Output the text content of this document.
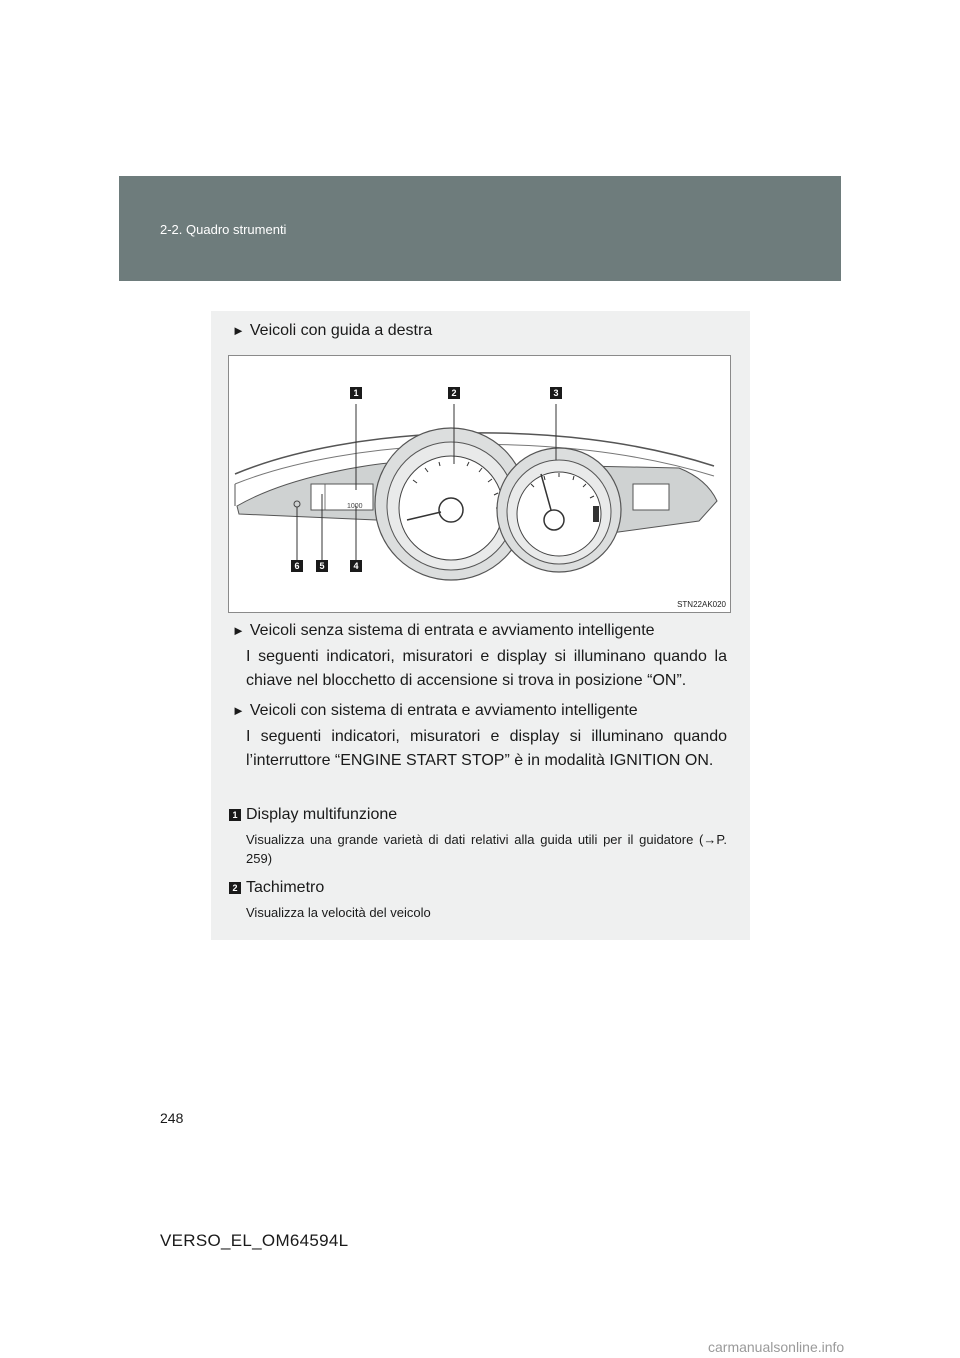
2-2. Quadro strumenti
► Veicoli con guida a destra
1000
1	2	3
4
5
6
STN22AK020
► Veicoli senza sistema di entrata e avviamento intelligente
I seguenti indicatori, misuratori e display si illuminano quando la chiave nel blocchetto di accensione si trova in posizione “ON”.
► Veicoli con sistema di entrata e avviamento intelligente
I seguenti indicatori, misuratori e display si illuminano quando l’interruttore “ENGINE START STOP” è in modalità IGNITION ON.
1 Display multifunzione
Visualizza una grande varietà di dati relativi alla guida utili per il guidatore (→P. 259)
2 Tachimetro
Visualizza la velocità del veicolo
248
VERSO_EL_OM64594L
carmanualsonline.info
